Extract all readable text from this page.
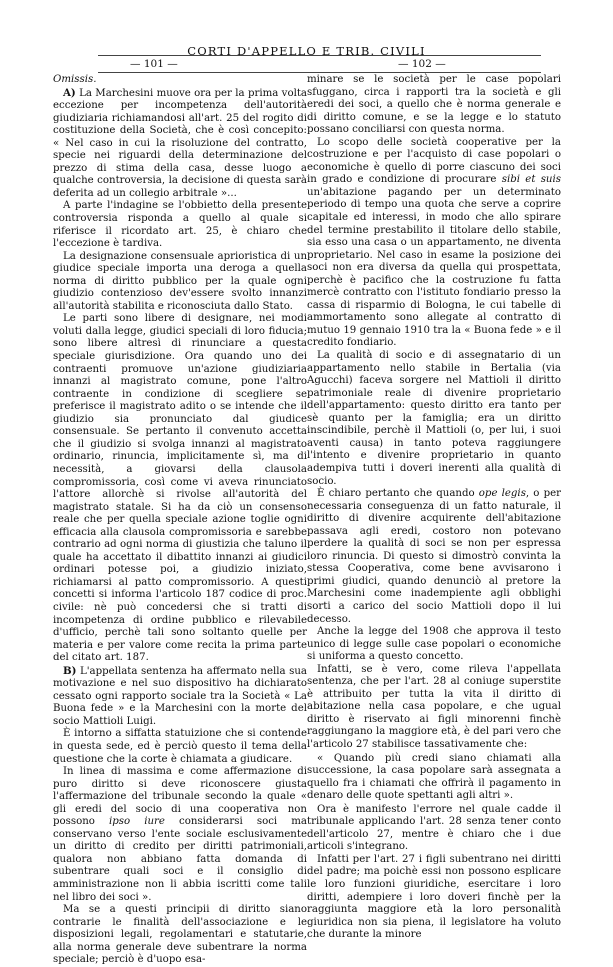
CORTI D'APPELLO E TRIB. CIVILI
— 101 —	— 102 —

Omissis.

A) La Marchesini muove ora per la prima volta eccezione per incompetenza dell'autorità giudiziaria richiamandosi all'art. 25 del rogito di costituzione della Società, che è così concepito: « Nel caso in cui la risoluzione del contratto, specie nei riguardi della determinazione del prezzo di stima della casa, desse luogo a qualche controversia, la decisione di questa sarà deferita ad un collegio arbitrale »...

A parte l'indagine se l'obbietto della presente controversia risponda a quello al quale si riferisce il ricordato art. 25, è chiaro che l'eccezione è tardiva.

La designazione consensuale aprioristica di un giudice speciale importa una deroga a quella norma di diritto pubblico per la quale ogni giudizio contenzioso dev'essere svolto innanzi all'autorità stabilita e riconosciuta dallo Stato.

Le parti sono libere di designare, nei modi voluti dalla legge, giudici speciali di loro fiducia; sono libere altresì di rinunciare a questa speciale giurisdizione. Ora quando uno dei contraenti promuove un'azione giudiziaria innanzi al magistrato comune, pone l'altro contraente in condizione di scegliere se preferisce il magistrato adito o se intende che il giudizio sia pronunciato dal giudice consensuale. Se pertanto il convenuto accetta che il giudizio si svolga innanzi al magistrato ordinario, rinuncia, implicitamente sì, ma di necessità, a giovarsi della clausola compromissoria, così come vi aveva rinunciato l'attore allorchè si rivolse all'autorità del magistrato statale. Si ha da ciò un consenso reale che per quella speciale azione toglie ogni efficacia alla clausola compromissoria e sarebbe contrario ad ogni norma di giustizia che taluno il quale ha accettato il dibattito innanzi ai giudici ordinari potesse poi, a giudizio iniziato, richiamarsi al patto compromissorio. A questi concetti si informa l'articolo 187 codice di proc. civile: nè può concedersi che si tratti di incompetenza di ordine pubblico e rilevabile d'ufficio, perchè tali sono soltanto quelle per materia e per valore come recita la prima parte del citato art. 187.

B) L'appellata sentenza ha affermato nella sua motivazione e nel suo dispositivo ha dichiarato cessato ogni rapporto sociale tra la Società « La Buona fede » e la Marchesini con la morte del socio Mattioli Luigi.

È intorno a siffatta statuizione che si contende in questa sede, ed è perciò questo il tema della questione che la corte è chiamata a giudicare.

In linea di massima e come affermazione di puro diritto si deve riconoscere giusta l'affermazione del tribunale secondo la quale « gli eredi del socio di una cooperativa non possono ipso iure considerarsi soci ma conservano verso l'ente sociale esclusivamente un diritto di credito per diritti patrimoniali, qualora non abbiano fatta domanda di subentrare quali soci e il consiglio di amministrazione non li abbia iscritti come tali nel libro dei soci ».

Ma se a questi principii di diritto siano contrarie le finalità dell'associazione e le disposizioni legali, regolamentari e statutarie, alla norma generale deve subentrare la norma speciale; perciò è d'uopo esa-

minare se le società per le case popolari sfuggano, circa i rapporti tra la società e gli eredi dei soci, a quello che è norma generale e di diritto comune, e se la legge e lo statuto possano conciliarsi con questa norma.

Lo scopo delle società cooperative per la costruzione e per l'acquisto di case popolari o economiche è quello di porre ciascuno dei soci in grado e condizione di procurare sibi et suis un'abitazione pagando per un determinato periodo di tempo una quota che serve a coprire capitale ed interessi, in modo che allo spirare del termine prestabilito il titolare dello stabile, sia esso una casa o un appartamento, ne diventa proprietario. Nel caso in esame la posizione dei soci non era diversa da quella qui prospettata, perchè è pacifico che la costruzione fu fatta mercè contratto con l'istituto fondiario presso la cassa di risparmio di Bologna, le cui tabelle di ammortamento sono allegate al contratto di mutuo 19 gennaio 1910 tra la « Buona fede » e il credito fondiario.

La qualità di socio e di assegnatario di un appartamento nello stabile in Bertalia (via Agucchi) faceva sorgere nel Mattioli il diritto patrimoniale reale di divenire proprietario dell'appartamento: questo diritto era tanto per sè quanto per la famiglia; era un diritto inscindibile, perchè il Mattioli (o, per lui, i suoi aventi causa) in tanto poteva raggiungere l'intento e divenire proprietario in quanto adempiva tutti i doveri inerenti alla qualità di socio.

È chiaro pertanto che quando ope legis, o per necessaria conseguenza di un fatto naturale, il diritto di divenire acquirente dell'abitazione passava agli eredi, costoro non potevano perdere la qualità di soci se non per espressa loro rinuncia. Di questo si dimostrò convinta la stessa Cooperativa, come bene avvisarono i primi giudici, quando denunciò al pretore la Marchesini come inadempiente agli obblighi sorti a carico del socio Mattioli dopo il lui decesso.

Anche la legge del 1908 che approva il testo unico di legge sulle case popolari o economiche si uniforma a questo concetto.

Infatti, se è vero, come rileva l'appellata sentenza, che per l'art. 28 al coniuge superstite è attribuito per tutta la vita il diritto di abitazione nella casa popolare, e che ugual diritto è riservato ai figli minorenni finchè raggiungano la maggiore età, è del pari vero che l'articolo 27 stabilisce tassativamente che:

« Quando più credi siano chiamati alla successione, la casa popolare sarà assegnata a quello fra i chiamati che offrirà il pagamento in denaro delle quote spettanti agli altri ».

Ora è manifesto l'errore nel quale cadde il tribunale applicando l'art. 28 senza tener conto dell'articolo 27, mentre è chiaro che i due articoli s'integrano.

Infatti per l'art. 27 i figli subentrano nei diritti del padre; ma poichè essi non possono esplicare le loro funzioni giuridiche, esercitare i loro diritti, adempiere i loro doveri finchè per la raggiunta maggiore età la loro personalità giuridica non sia piena, il legislatore ha voluto che durante la minore
